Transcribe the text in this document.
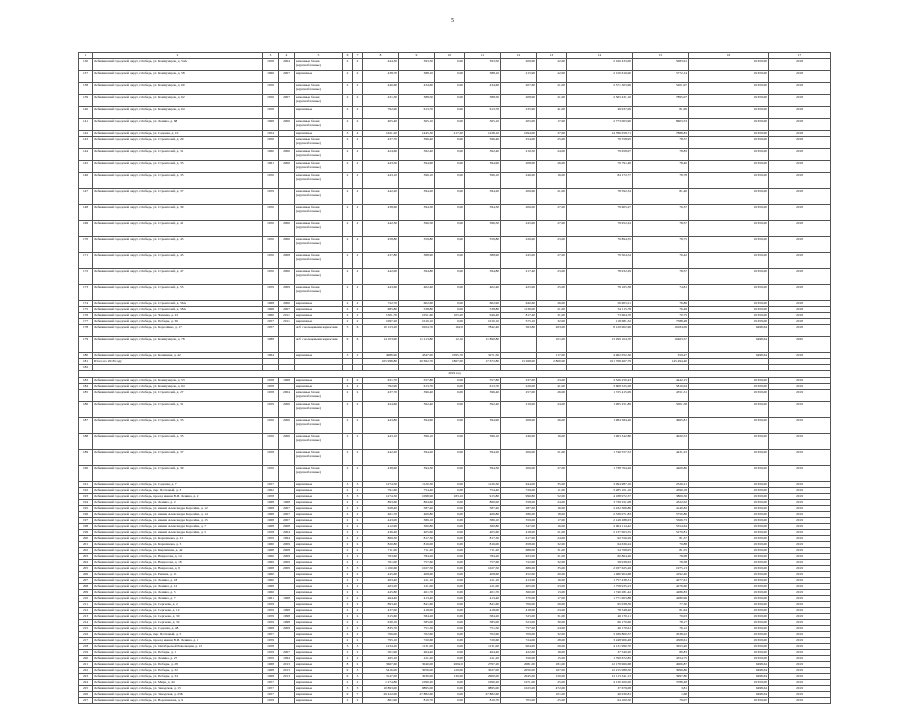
5
1	2	3	4	5	6	7	8	9	10	11	12	13	14	15	16	17
130	Лебяжинский городской округ, г.Лебедь, ул. Коммунаров, д. 54А	1958	2004	каменные блоки (крупноблочные)	2	2	444,30	393,50	0,00	393,50	206,90	22,00	2 160 433,00	5083,61	19 659,00	2018
137	Лебяжинский городской округ, г.Лебедь, ул. Коммунаров, д. 58	1966	2007	кирпичные	2	2	438,70	388,10	0,00	388,10	215,90	22,00	2 150 619,00	5772,14	19 659,00	2018
138	Лебяжинский городской округ, г.Лебедь, ул. Коммунаров, д. 60	1956		каменные блоки (крупноблочные)	2	2	440,60	434,60	0,00	434,60	207,60	21,00	2 571 303,96	5201,97	19 659,00	2018
139	Лебяжинский городской округ, г.Лебедь, ул. Коммунаров, д. 62	1956	2007	каменные блоки (крупноблочные)	2	2	431,30	388,50	0,00	388,50	208,90	21,00	2 563 431,16	7895,07	19 659,00	2018
140	Лебяжинский городской округ, г.Лебедь, ул. Коммунаров, д. 64	1958		кирпичные	2	2	792,90	613,70	0,00	613,70	235,90	41,00	49 937,09	81,99	19 659,00	2018
141	Лебяжинский городской округ, г.Лебедь, ул. Ленина, д. 68	1968	2006	каменные блоки (крупноблочные)	2	2	405,40	365,10	0,00	365,10	205,00	17,00	2 773 003,90	8603,53	19 659,00	2018
142	Лебяжинский городской округ, г.Лебедь, ул. Садовая, д. 10	1954		кирпичные	3	4	1621,20	1445,30	217,20	1228,10	1094,00	37,00	14 786 058,71	7888,83	19 659,00	2018
143	Лебяжинский городской округ, г.Лебедь, ул. Строителей, д. 29	1956		каменные блоки (крупноблочные)	2	2	437,70	396,40	0,00	396,40	254,00	25,00	79 558,95	78,57	19 659,00	2018
144	Лебяжинский городской округ, г.Лебедь, ул. Строителей, д. 31	1960	2006	каменные блоки (крупноблочные)	2	2	424,60	392,40	0,00	392,40	219,50	24,00	79 658,07	78,83	19 659,00	2018
145	Лебяжинский городской округ, г.Лебедь, ул. Строителей, д. 33	1961	2006	каменные блоки (крупноблочные)	2	2	443,50	394,90	0,00	394,90	208,00	26,00	79 791,48	78,40	19 659,00	2018
146	Лебяжинский городской округ, г.Лебедь, ул. Строителей, д. 35	1956		каменные блоки (крупноблочные)	2	2	443,10	396,10	0,00	396,10	246,00	16,00	84 172,77	78,78	19 659,00	2018
147	Лебяжинский городской округ, г.Лебедь, ул. Строителей, д. 37	1959		каменные блоки (крупноблочные)	2	2	442,20	394,20	0,00	394,20	206,90	21,00	78 592,34	81,40	19 659,00	2018
148	Лебяжинский городской округ, г.Лебедь, ул. Строителей, д. 39	1956		каменные блоки (крупноблочные)	2	2	438,60	394,30	0,00	394,30	206,00	27,00	79 605,27	76,37	19 659,00	2018
169	Лебяжинский городской округ, г.Лебедь, ул. Строителей, д. 41	1956	2006	каменные блоки (крупноблочные)	2	2	442,30	396,50	0,00	396,50	245,00	27,00	79 952,24	78,57	19 659,00	2018
170	Лебяжинский городской округ, г.Лебедь, ул. Строителей, д. 43	1956	2006	каменные блоки (крупноблочные)	2	2	458,80	359,80	0,00	359,80	226,90	23,00	79 894,55	78,75	19 659,00	2018
171	Лебяжинский городской округ, г.Лебедь, ул. Строителей, д. 45	1956	2008	каменные блоки (крупноблочные)	2	2	437,80	388,90	0,00	388,90	245,00	27,00	79 504,54	76,42	19 659,00	2018
172	Лебяжинский городской округ, г.Лебедь, ул. Строителей, д. 47	1956	2006	каменные блоки (крупноблочные)	2	2	442,00	394,80	0,00	394,80	217,40	23,00	78 932,29	78,57	19 659,00	2018
173	Лебяжинский городской округ, г.Лебедь, ул. Строителей, д. 55	1959	2009	каменные блоки (крупноблочные)	2	2	443,60	402,40	0,00	402,40	425,90	25,00	78 165,38	74,81	19 659,00	2018
174	Лебяжинский городской округ, г.Лебедь, ул. Строителей, д. 56А	1968	2006	кирпичные	2	2	722,70	602,90	0,00	602,90	640,60	26,00	56 905,21	76,89	19 659,00	2018
175	Лебяжинский городской округ, г.Лебедь, ул. Строителей, д. 58А	1968	2007	кирпичные	2	2	685,80	538,80	0,00	538,80	1139,00	21,00	54 115,78	76,49	19 659,00	2018
176	Лебяжинский городской округ, г.Лебедь, ул. Чапаева, д. 22	1960	2011	кирпичные	2	2	1301,70	1051,60	105,20	946,40	817,40	31,00	73 664,76	70,75	19 659,00	2018
177	Лебяжинский городской округ, г.Лебедь, ул. Победы, д. 36	1957	2011	кирпичные	2	2	1097,20	1010,10	0,00	1010,10	575,10	32,00	118 681,32	7588,48	19 659,00	2018
178	Лебяжинский городской округ, г.Лебедь, ул. Королёнко, д. 17	1957		ж/б с кольцевыми каркасами	5	6	10 123,20	9104,70	162,0	7842,40	563,80	263,00	8 129 902,96	19184,09	6498,64	2018
179	Лебяжинский городской округ, г.Лебедь, ул. Коммунаров, д. 78	1988		ж/б с кольцевыми каркасами	9	6	14 103,90	11 213,80	12,10	11 890,80		101,00	13 299 104,70	10463,57	6498,64	2020
180	Лебяжинский городской округ, г.Лебедь, ул. Калинина, д. 42	1964		кирпичные	3	2	4986,90	4347,00	1095,70	3271,50		117,00	4 062 052,36	359,47	6498,64	2018
181	Итого по 2018 году						165 998,80	20 692,70	1867,00	17 672,80	13 268,00	2 800,00	101 768 467,79	145 494,40		
182																
2019 год																
183	Лебяжинский городской округ, г.Лебедь, ул. Коммунаров, д. 53	1958	1968	кирпичные	2	2	631,70	557,80	0,00	557,80	337,00	23,00	3 526 250,43	4442,15	19 659,00	2019
184	Лебяжинский городской округ, г.Лебедь, ул. Коммунаров, д. 64	1958		кирпичные	2	2	792,90	613,70	0,00	613,70	226,00	41,00	3 608 525,28	5810,04	19 659,00	2019
185	Лебяжинский городской округ, г.Лебедь, ул. Строителей, д. 27	1958	2004	каменные блоки (крупноблочные)	2	2	437,70	396,40	0,00	396,40	257,00	26,00	1 725 415,09	4351,51	19 659,00	2019
186	Лебяжинский городской округ, г.Лебедь, ул. Строителей, д. 31	1959	2006	каменные блоки (крупноблочные)	2	2	424,60	392,40	0,00	392,40	219,00	24,00	1 995 251,89	5001,58	19 659,00	2019
187	Лебяжинский городской округ, г.Лебедь, ул. Строителей, д. 33	1956	2006	каменные блоки (крупноблочные)	2	2	443,80	394,90	0,00	394,90	208,00	26,00	1 984 584,26	4965,81	19 659,00	2019
188	Лебяжинский городской округ, г.Лебедь, ул. Строителей, д. 35	1956	2006	каменные блоки (крупноблочные)	2	2	443,10	396,10	0,00	396,10	246,00	16,00	1 963 342,86	4920,53	19 659,00	2019
189	Лебяжинский городской округ, г.Лебедь, ул. Строителей, д. 37	1958		каменные блоки (крупноблочные)	2	2	442,20	394,20	0,00	394,20	206,00	21,00	1 746 557,53	4431,23	19 659,00	2019
190	Лебяжинский городской округ, г.Лебедь, ул. Строителей, д. 39	1956		каменные блоки (крупноблочные)	2	2	438,60	394,30	0,00	394,30	206,00	27,00	1 738 764,26	4409,80	19 659,00	2019
191	Лебяжинский городской округ, г.Лебедь, ул. Садовая, д. 7	1957		кирпичные	3	3	1274,50	1120,30	0,00	1120,30	644,00	35,00	3 094 987,16	2526,21	19 659,00	2019
192	Лебяжинский городской округ, г.Лебедь, пер. Почтовый, д. 3	1962		кирпичные	2	2	791,60	754,40	0,00	754,40	729,00	11,00	3 285 101,16	4390,18	19 659,00	2019
193	Лебяжинский городской округ, г.Лебедь, проезд имени В.И. Ленина, д. 2	1958		кирпичные	3	3	1274,30	1098,90	183,10	915,80	996,80	52,00	4 188 972,37	3809,36	19 659,00	2019
194	Лебяжинский городской округ, г.Лебедь, ул. Ленина, д. 2	1968	1968	кирпичные	2	2	893,60	864,60	0,00	860,00	558,00	24,00	3 736 911,08	4322,02	19 659,00	2019
195	Лебяжинский городской округ, г.Лебедь, ул. имени Александра Королёва, д. 12	1968	2007	кирпичные	2	2	628,40	587,40	0,00	587,40	287,00	16,00	2 432 306,86	4140,82	19 659,00	2019
196	Лебяжинский городской округ, г.Лебедь, ул. имени Александра Королёва, д. 14	1968	2007	кирпичные	2	2	461,70	406,80	0,00	406,80	286,00	18,00	2 339 071,83	5750,86	19 659,00	2019
197	Лебяжинский городской округ, г.Лебедь, ул. имени Александра Королёва, д. 15	1968	2007	кирпичные	2	2	443,00	386,10	0,00	386,10	359,00	17,00	2 149 288,03	5566,73	19 659,00	2019
198	Лебяжинский городской округ, г.Лебедь, ул. имени Александра Королёва, д. 7	1968	2008	кирпичные	2	2	412,90	360,80	0,00	360,80	347,00	16,00	2 004 114,42	5554,64	19 659,00	2019
199	Лебяжинский городской округ, г.Лебедь, ул. имени Александра Королёва, д. 5	1958	2004	кирпичные	2	2	436,40	405,60	0,00	405,60	418,00	21,00	2 137 003,55	5270,81	19 659,00	2019
200	Лебяжинский городской округ, г.Лебедь, ул. Карасикова, д. 21	1959	1994	кирпичные	2	2	869,30	817,30	0,00	817,30	617,00	24,00	92 556,29	81,37	19 659,00	2019
201	Лебяжинский городской округ, г.Лебедь, ул. Карасикова, д. 3	1960	2009	кирпичные	2	2	820,80	816,00	0,00	816,00	658,00	32,00	64 636,24	79,88	19 659,00	2019
202	Лебяжинский городской округ, г.Лебедь, ул. Кирпичная, д. 42	1968	2008	кирпичные	2	2	711,00	711,20	0,00	711,20	688,00	31,00	54 768,05	81,55	19 659,00	2019
203	Лебяжинский городской округ, г.Лебедь, ул. Некрасова, д. 14	1966	2009	кирпичные	2	2	763,60	784,20	0,00	784,20	623,00	31,00	60 864,26	78,08	19 659,00	2019
204	Лебяжинский городской округ, г.Лебедь, ул. Некрасова, д. 18	1969	2009	кирпичные	2	2	761,00	757,60	0,00	757,60	722,00	32,00	58 938,63	78,38	19 659,00	2019
205	Лебяжинский городской округ, г.Лебедь, ул. Некрасова, д. 9	1968	2009	кирпичные	3	3	1 100,60	1027,50	0,00	1027,50	686,00	35,00	2 037 625,26	1975,13	19 659,00	2019
206	Лебяжинский городской округ, г.Лебедь, ул. Репина, д. 11	1960		кирпичные	2	2	445,60	408,60	0,00	408,60	452,00	20,00	1 480 904,68	4192,40	19 659,00	2019
207	Лебяжинский городской округ, г.Лебедь, ул. Ленина, д. 18	1960		кирпичные	2	2	463,40	411,10	0,00	411,10	413,00	16,00	1 757 438,31	4277,61	19 659,00	2019
208	Лебяжинский городской округ, г.Лебедь, ул. Ленина, д. 12	1968		кирпичные	2	2	463,20	411,00	0,00	411,00	405,00	23,00	1 758 935,23	4276,60	19 659,00	2019
209	Лебяжинский городской округ, г.Лебедь, ул. Ленина, д. 5	1966		кирпичные	2	2	445,80	401,70	0,00	401,70	360,00	13,00	1 740 281,42	4286,83	19 659,00	2019
210	Лебяжинский городской округ, г.Лебедь, ул. Ленина, д. 7	1961	1968	кирпичные	2	2	464,40	413,40	0,00	413,40	370,00	17,00	1 771 003,88	4280,96	19 659,00	2019
211	Лебяжинский городской округ, г.Лебедь, ул. Сергеева, д. 2	1959		кирпичные	2	2	893,40	841,60	0,00	841,60	706,00	29,00	65 038,39	77,30	19 659,00	2019
212	Лебяжинский городской округ, г.Лебедь, ул. Сергеева, д. 12	1959	1998	кирпичные	2	2	437,00	418,00	0,00	418,00	418,00	23,00	78 548,40	81,64	19 659,00	2019
213	Лебяжинский городской округ, г.Лебедь, ул. Сергеева, д. 30	1959	1998	кирпичные	2	2	615,60	584,20	0,00	584,20	525,00	31,00	46 170,11	79,03	19 659,00	2019
214	Лебяжинский городской округ, г.Лебедь, ул. Сергеева, д. 32	1959	1998	кирпичные	2	2	630,10	585,00	0,00	585,00	523,00	30,00	66 170,60	78,17	19 659,00	2019
215	Лебяжинский городской округ, г.Лебедь, ул. Садовая, д. 48	1968	2009	кирпичные	2	2	835,70	751,50	0,00	751,50	757,00	24,00	46 170,61	76,12	19 659,00	2019
216	Лебяжинский городской округ, г.Лебедь, пер. Почтовый, д. 5	1957		кирпичные	2	2	766,00	702,60	0,00	702,60	709,00	32,00	3 189 800,37	4538,22	19 659,00	2019
217	Лебяжинский городской округ, г.Лебедь, проезд имени В.И. Ленина, д. 1	1959		кирпичные	2	2	795,10	720,60	0,00	720,60	724,00	28,00	3 248 906,48	4508,61	19 659,00	2019
218	Лебяжинский городской округ, г.Лебедь, ул. Октябрьской Революции, д. 15	1958		кирпичные	3	3	1234,20	1131,00	0,00	1131,00	964,00	29,00	4 131 990,70	3653,40	19 659,00	2019
219	Лебяжинский городской округ, г.Лебедь, ул. Победы, д. 1	1959	2007	кирпичные	2	2	501,90	464,40	0,00	464,40	422,00	18,00	37 540,20	80,83	19 659,00	2019
220	Лебяжинский городской округ, г.Лебедь, ул. Ленина, д. 27	1959	1994	кирпичные	2	2	465,10	411,20	0,00	411,20	356,00	15,00	1 790 672,85	4354,75	19 659,00	2019
221	Лебяжинский городской округ, г.Лебедь, ул. Победы, д. 28	1968	2013	кирпичные	8	2	3667,60	3040,00	2692,0	2797,20	2081,00	181,00	12 178 966,68	4006,87	6498,64	2019
222	Лебяжинский городской округ, г.Лебедь, ул. Победы, д. 32	1968	2013	кирпичные	9	3	5416,00	3056,00	129,00	3027,00	2050,00	167,00	12 215 088,50	3996,86	6498,64	2019
223	Лебяжинский городской округ, г.Лебедь, ул. Победы, д. 34	1968	2013	кирпичные	9	3	3147,00	3030,00	130,00	2900,00	2045,00	150,00	12 113 341,13	3997,80	6498,64	2019
224	Лебяжинский городской округ, г.Лебедь, ул. Мира, д. 44	1957		кирпичные	2	2	1 274,80	1090,20	0,00	1090,20	1071,00	25,00	4 130 200,00	3788,48	19 659,00	2019
225	Лебяжинский городской округ, г.Лебедь, ул. Заводская, д. 15	1957		кирпичные	3	3	10 893,00	9895,00	0,00	9895,00	1023,00	472,00	37 679,08	3,81	6498,64	2019
226	Лебяжинский городской округ, г.Лебедь, ул. Заводская, д. 25Б	1957		кирпичные	9	7	29 422,00	27 882,60	0,00	27 882,60		101,00	46 930,81	1,68	6498,64	2019
227	Лебяжинский городской округ, г.Лебедь, ул. Ворошилова, д. 9	1959		кирпичные	2	2	861,90	810,70	0,00	810,70	705,00	25,00	64 100,50	79,07	19 659,00	2019
